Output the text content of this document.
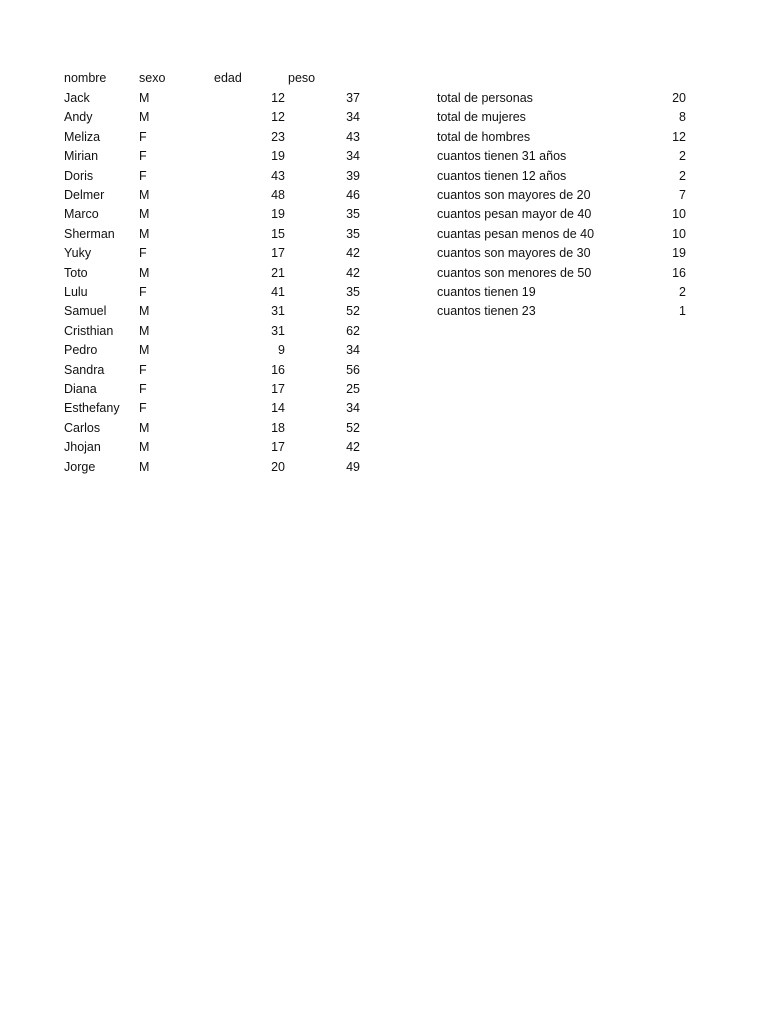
nombre	sexo	edad	peso
Jack	M	12	37
Andy	M	12	34
Meliza	F	23	43
Mirian	F	19	34
Doris	F	43	39
Delmer	M	48	46
Marco	M	19	35
Sherman M	15	35
Yuky	F	17	42
Toto	M	21	42
Lulu	F	41	35
Samuel	M	31	52
Cristhian M	31	62
Pedro	M	9	34
Sandra	F	16	56
Diana	F	17	25
Esthefany F	14	34
Carlos	M	18	52
Jhojan	M	17	42
Jorge	M	20	49
total de personas	20
total de mujeres	8
total de hombres	12
cuantos tienen 31 años	2
cuantos tienen 12 años	2
cuantos son mayores de 20	7
cuantos pesan mayor de 40	10
cuantas pesan menos de 40	10
cuantos son mayores de 30	19
cuantos son menores de 50	16
cuantos tienen 19	2
cuantos tienen 23	1
